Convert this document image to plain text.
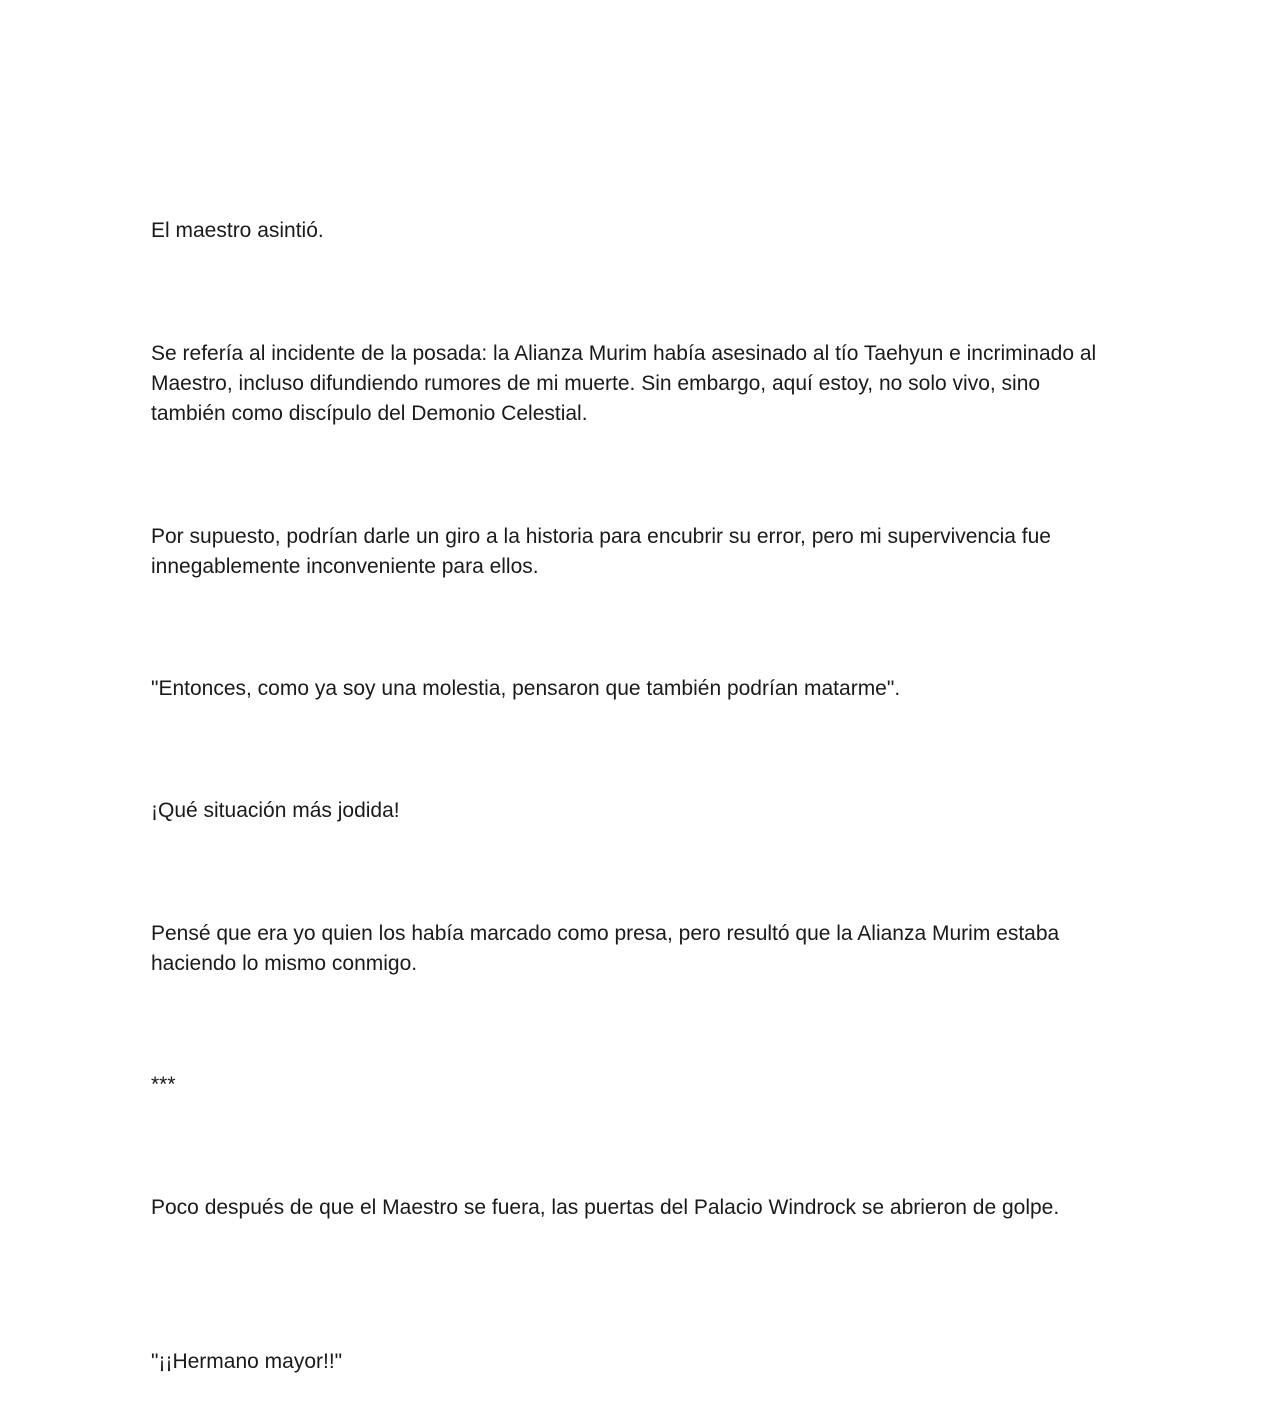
El maestro asintió.

Se refería al incidente de la posada: la Alianza Murim había asesinado al tío Taehyun e incriminado al Maestro, incluso difundiendo rumores de mi muerte. Sin embargo, aquí estoy, no solo vivo, sino también como discípulo del Demonio Celestial.

Por supuesto, podrían darle un giro a la historia para encubrir su error, pero mi supervivencia fue innegablemente inconveniente para ellos.

"Entonces, como ya soy una molestia, pensaron que también podrían matarme".

¡Qué situación más jodida!

Pensé que era yo quien los había marcado como presa, pero resultó que la Alianza Murim estaba haciendo lo mismo conmigo.

***

Poco después de que el Maestro se fuera, las puertas del Palacio Windrock se abrieron de golpe.

"¡¡Hermano mayor!!"
